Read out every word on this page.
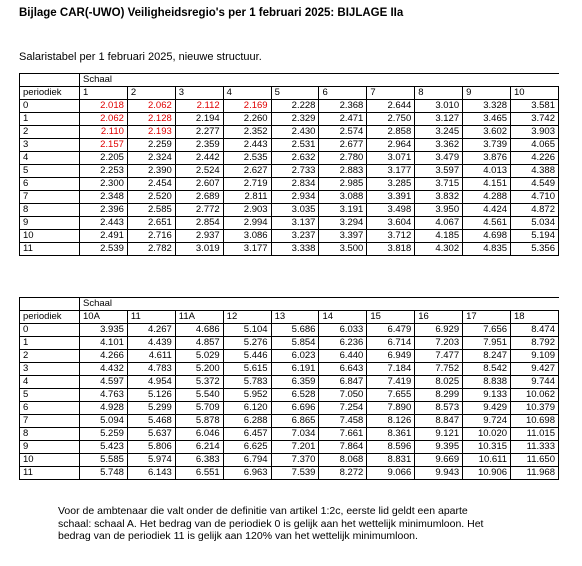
Bijlage CAR(-UWO) Veiligheidsregio's per 1 februari 2025: BIJLAGE IIa
Salaristabel per 1 februari 2025, nieuwe structuur.
	Schaal									
periodiek	1	2	3	4	5	6	7	8	9	10
0	2.018	2.062	2.112	2.169	2.228	2.368	2.644	3.010	3.328	3.581
1	2.062	2.128	2.194	2.260	2.329	2.471	2.750	3.127	3.465	3.742
2	2.110	2.193	2.277	2.352	2.430	2.574	2.858	3.245	3.602	3.903
3	2.157	2.259	2.359	2.443	2.531	2.677	2.964	3.362	3.739	4.065
4	2.205	2.324	2.442	2.535	2.632	2.780	3.071	3.479	3.876	4.226
5	2.253	2.390	2.524	2.627	2.733	2.883	3.177	3.597	4.013	4.388
6	2.300	2.454	2.607	2.719	2.834	2.985	3.285	3.715	4.151	4.549
7	2.348	2.520	2.689	2.811	2.934	3.088	3.391	3.832	4.288	4.710
8	2.396	2.585	2.772	2.903	3.035	3.191	3.498	3.950	4.424	4.872
9	2.443	2.651	2.854	2.994	3.137	3.294	3.604	4.067	4.561	5.034
10	2.491	2.716	2.937	3.086	3.237	3.397	3.712	4.185	4.698	5.194
11	2.539	2.782	3.019	3.177	3.338	3.500	3.818	4.302	4.835	5.356
	Schaal									
periodiek	10A	11	11A	12	13	14	15	16	17	18
0	3.935	4.267	4.686	5.104	5.686	6.033	6.479	6.929	7.656	8.474
1	4.101	4.439	4.857	5.276	5.854	6.236	6.714	7.203	7.951	8.792
2	4.266	4.611	5.029	5.446	6.023	6.440	6.949	7.477	8.247	9.109
3	4.432	4.783	5.200	5.615	6.191	6.643	7.184	7.752	8.542	9.427
4	4.597	4.954	5.372	5.783	6.359	6.847	7.419	8.025	8.838	9.744
5	4.763	5.126	5.540	5.952	6.528	7.050	7.655	8.299	9.133	10.062
6	4.928	5.299	5.709	6.120	6.696	7.254	7.890	8.573	9.429	10.379
7	5.094	5.468	5.878	6.288	6.865	7.458	8.126	8.847	9.724	10.698
8	5.259	5.637	6.046	6.457	7.034	7.661	8.361	9.121	10.020	11.015
9	5.423	5.806	6.214	6.625	7.201	7.864	8.596	9.395	10.315	11.333
10	5.585	5.974	6.383	6.794	7.370	8.068	8.831	9.669	10.611	11.650
11	5.748	6.143	6.551	6.963	7.539	8.272	9.066	9.943	10.906	11.968
Voor de ambtenaar die valt onder de definitie van artikel 1:2c, eerste lid geldt een aparte schaal: schaal A. Het bedrag van de periodiek 0 is gelijk aan het wettelijk minimumloon. Het bedrag van de periodiek 11 is gelijk aan 120% van het wettelijk minimumloon.
